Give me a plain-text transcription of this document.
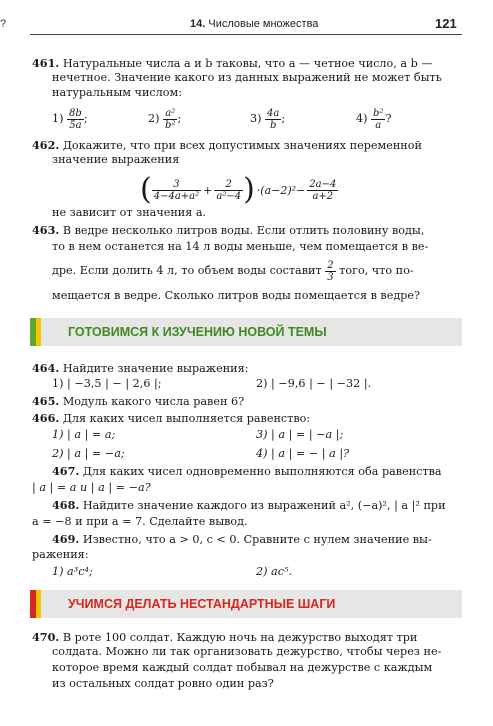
?	14. Числовые множества	121
461. Натуральные числа a и b таковы, что a — четное число, а b —
нечетное. Значение какого из данных выражений не может быть
натуральным числом:
1)
$\frac{8b}{5a}$ ;	2)
$\frac{\text{a²}}{\text{b²}}$ ;	3)
$\frac{4a}{b}$ ;	4)
$\frac{\text{b²}}{a}$ ?
462. Докажите, что при всех допустимых значениях переменной
значение выражения
( $\frac{3}{\text{4−4a+a²}} + \frac{2}{\text{a²−4}}$ ) $\cdot(a-2)^2- \frac{2a-4}{a+2}$
не зависит от значения a.
463. В ведре несколько литров воды. Если отлить половину воды,
то в нем останется на 14 л воды меньше, чем помещается в ве-
дре. Если долить 4 л, то объем воды составит
$\frac{2}{3}$
того, что по-
мещается в ведре. Сколько литров воды помещается в ведре?
ГОТОВИМСЯ К ИЗУЧЕНИЮ НОВОЙ ТЕМЫ
464. Найдите значение выражения:
1) | −3,5 | − | 2,6 |;	2) | −9,6 | − | −32 |.
465. Модуль какого числа равен 6?
466. Для каких чисел выполняется равенство:
1) | a | = a;	3) | a | = | −a |;
2) | a | = −a;	4) | a | = − | a |?
467. Для каких чисел одновременно выполняются оба равенства
| a | = a и | a | = −a?
468. Найдите значение каждого из выражений a², (−a)², | a |² при
a = −8 и при a = 7. Сделайте вывод.
469. Известно, что a > 0, c < 0. Сравните с нулем значение вы-
ражения:
1) a³c⁴;	2) ac⁵.
УЧИМСЯ ДЕЛАТЬ НЕСТАНДАРТНЫЕ ШАГИ
470. В роте 100 солдат. Каждую ночь на дежурство выходят три
солдата. Можно ли так организовать дежурство, чтобы через не-
которое время каждый солдат побывал на дежурстве с каждым
из остальных солдат ровно один раз?
